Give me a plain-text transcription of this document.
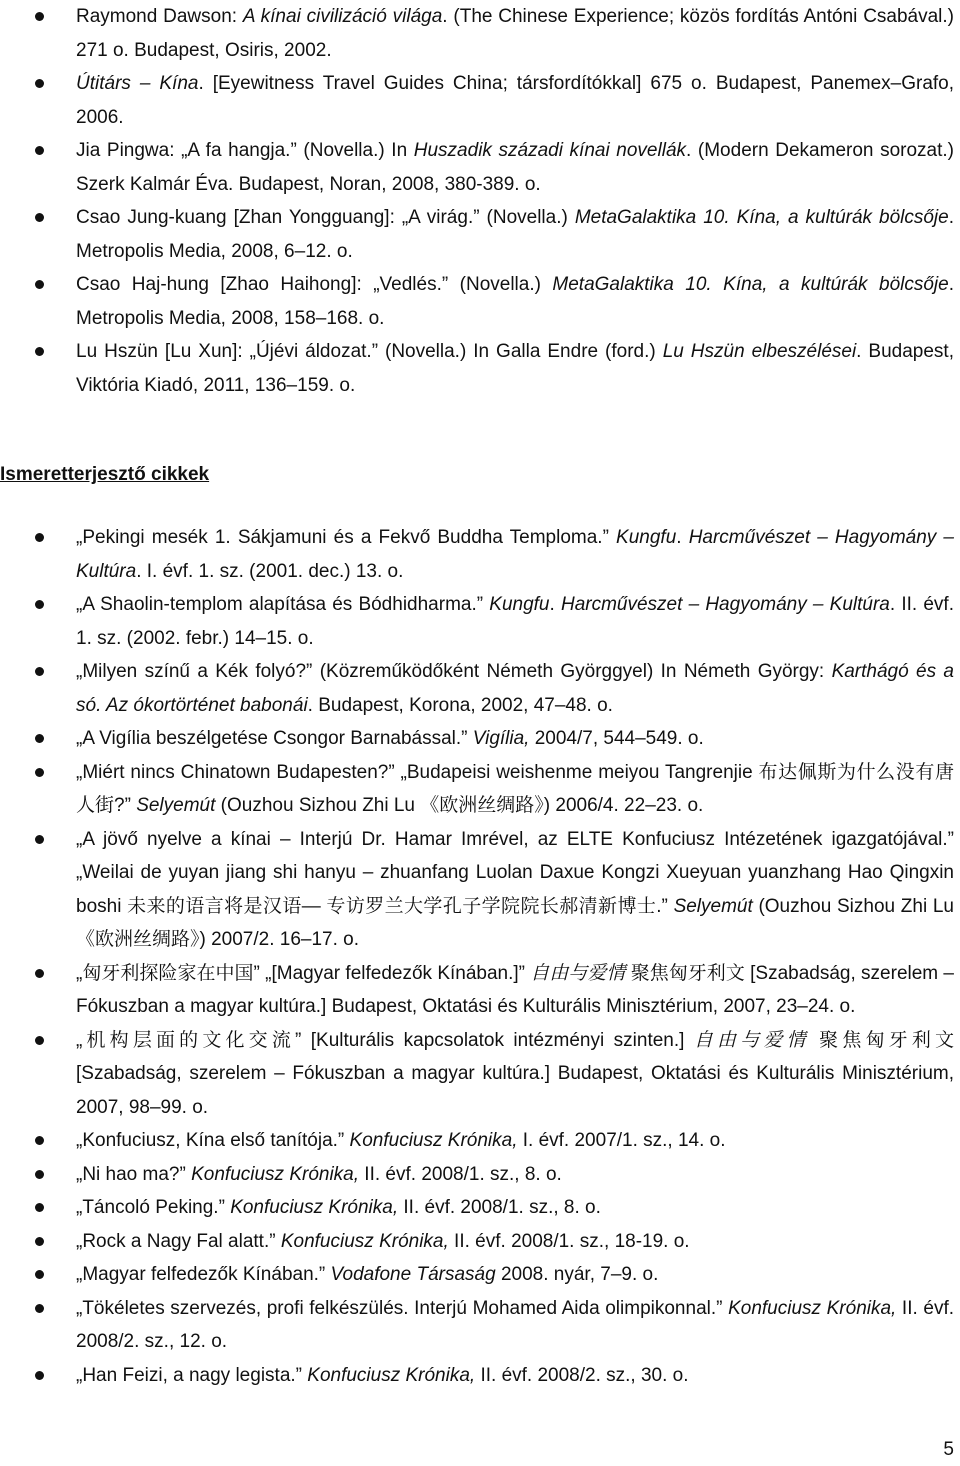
Raymond Dawson: A kínai civilizáció világa. (The Chinese Experience; közös fordítás Antóni Csabával.) 271 o. Budapest, Osiris, 2002.
Útitárs – Kína. [Eyewitness Travel Guides China; társfordítókkal] 675 o. Budapest, Panemex–Grafo, 2006.
Jia Pingwa: „A fa hangja.” (Novella.) In Huszadik századi kínai novellák. (Modern Dekameron sorozat.) Szerk Kalmár Éva. Budapest, Noran, 2008, 380-389. o.
Csao Jung-kuang [Zhan Yongguang]: „A virág.” (Novella.) MetaGalaktika 10. Kína, a kultúrák bölcsője. Metropolis Media, 2008, 6–12. o.
Csao Haj-hung [Zhao Haihong]: „Vedlés.” (Novella.) MetaGalaktika 10. Kína, a kultúrák bölcsője. Metropolis Media, 2008, 158–168. o.
Lu Hszün [Lu Xun]: „Újévi áldozat.” (Novella.) In Galla Endre (ford.) Lu Hszün elbeszélései. Budapest, Viktória Kiadó, 2011, 136–159. o.
Ismeretterjesztő cikkek
„Pekingi mesék 1. Sákjamuni és a Fekvő Buddha Temploma.” Kungfu. Harcművészet – Hagyomány – Kultúra. I. évf. 1. sz. (2001. dec.) 13. o.
„A Shaolin-templom alapítása és Bódhidharma.” Kungfu. Harcművészet – Hagyomány – Kultúra. II. évf. 1. sz. (2002. febr.) 14–15. o.
„Milyen színű a Kék folyó?” (Közreműködőként Németh Györggyel) In Németh György: Karthágó és a só. Az ókortörténet babonái. Budapest, Korona, 2002, 47–48. o.
„A Vigília beszélgetése Csongor Barnabással.” Vigília, 2004/7, 544–549. o.
„Miért nincs Chinatown Budapesten?” „Budapeisi weishenme meiyou Tangrenjie 布达佩斯为什么没有唐人街?” Selyemút (Ouzhou Sizhou Zhi Lu 《欧洲丝绸路》) 2006/4. 22–23. o.
„A jövő nyelve a kínai – Interjú Dr. Hamar Imrével, az ELTE Konfuciusz Intézetének igazgatójával.” „Weilai de yuyan jiang shi hanyu – zhuanfang Luolan Daxue Kongzi Xueyuan yuanzhang Hao Qingxin boshi 未来的语言将是汉语— 专访罗兰大学孔子学院院长郝清新博士.” Selyemút (Ouzhou Sizhou Zhi Lu 《欧洲丝绸路》) 2007/2. 16–17. o.
„匈牙利探险家在中国” „[Magyar felfedezők Kínában.]” 自由与爱情 聚焦匈牙利文 [Szabadság, szerelem – Fókuszban a magyar kultúra.] Budapest, Oktatási és Kulturális Minisztérium, 2007, 23–24. o.
„机构层面的文化交流” [Kulturális kapcsolatok intézményi szinten.] 自由与爱情 聚焦匈牙利文 [Szabadság, szerelem – Fókuszban a magyar kultúra.] Budapest, Oktatási és Kulturális Minisztérium, 2007, 98–99. o.
„Konfuciusz, Kína első tanítója.” Konfuciusz Krónika, I. évf. 2007/1. sz., 14. o.
„Ni hao ma?” Konfuciusz Krónika, II. évf. 2008/1. sz., 8. o.
„Táncoló Peking.” Konfuciusz Krónika, II. évf. 2008/1. sz., 8. o.
„Rock a Nagy Fal alatt.” Konfuciusz Krónika, II. évf. 2008/1. sz., 18-19. o.
„Magyar felfedezők Kínában.” Vodafone Társaság 2008. nyár, 7–9. o.
„Tökéletes szervezés, profi felkészülés. Interjú Mohamed Aida olimpikonnal.” Konfuciusz Krónika, II. évf. 2008/2. sz., 12. o.
„Han Feizi, a nagy legista.” Konfuciusz Krónika, II. évf. 2008/2. sz., 30. o.
5
